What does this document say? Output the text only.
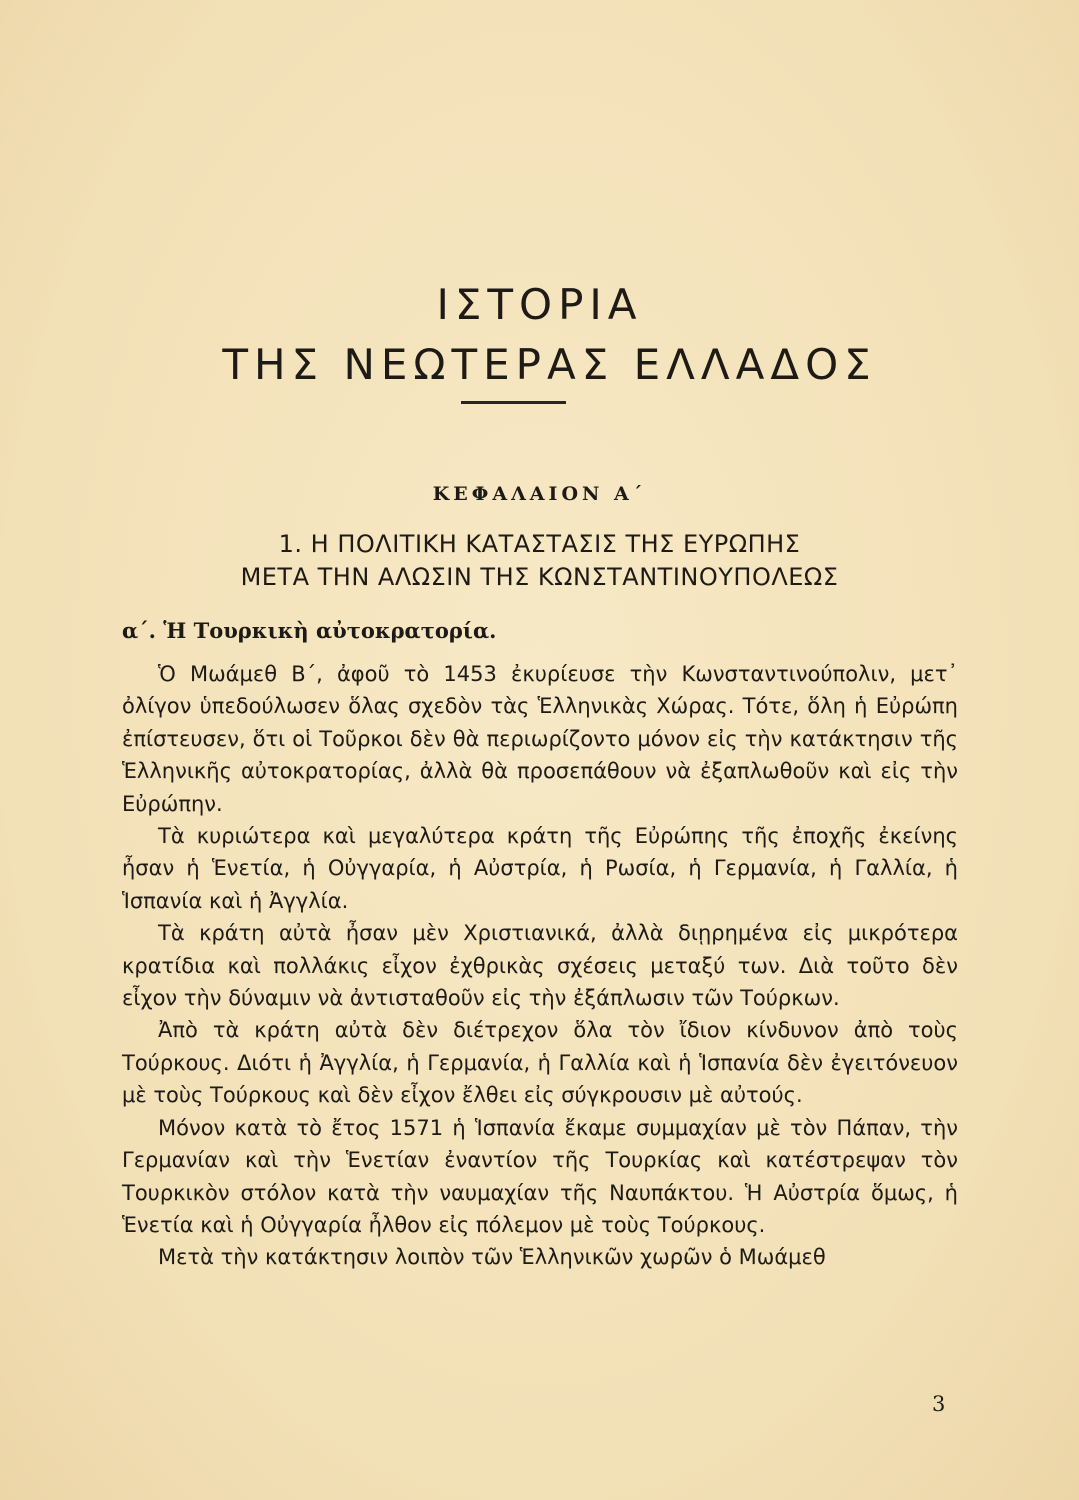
ΙΣΤΟΡΙΑ
ΤΗΣ ΝΕΩΤΕΡΑΣ ΕΛΛΑΔΟΣ
ΚΕΦΑΛΑΙΟΝ Α΄
1. Η ΠΟΛΙΤΙΚΗ ΚΑΤΑΣΤΑΣΙΣ ΤΗΣ ΕΥΡΩΠΗΣ
ΜΕΤΑ ΤΗΝ ΑΛΩΣΙΝ ΤΗΣ ΚΩΝΣΤΑΝΤΙΝΟΥΠΟΛΕΩΣ
α΄. Ἡ Τουρκικὴ αὐτοκρατορία.

Ὁ Μωάμεθ Β΄, ἀφοῦ τὸ 1453 ἐκυρίευσε τὴν Κωνσταντινούπολιν, μετ᾽ ὀλίγον ὑπεδούλωσεν ὅλας σχεδὸν τὰς Ἑλληνικὰς Χώρας. Τότε, ὅλη ἡ Εὐρώπη ἐπίστευσεν, ὅτι οἱ Τοῦρκοι δὲν θὰ περιωρίζοντο μόνον εἰς τὴν κατάκτησιν τῆς Ἑλληνικῆς αὐτοκρατορίας, ἀλλὰ θὰ προσεπάθουν νὰ ἐξαπλωθοῦν καὶ εἰς τὴν Εὐρώπην.

Τὰ κυριώτερα καὶ μεγαλύτερα κράτη τῆς Εὐρώπης τῆς ἐποχῆς ἐκείνης ἦσαν ἡ Ἑνετία, ἡ Οὐγγαρία, ἡ Αὐστρία, ἡ Ρωσία, ἡ Γερμανία, ἡ Γαλλία, ἡ Ἱσπανία καὶ ἡ Ἀγγλία.

Τὰ κράτη αὐτὰ ἦσαν μὲν Χριστιανικά, ἀλλὰ διῃρημένα εἰς μικρότερα κρατίδια καὶ πολλάκις εἶχον ἐχθρικὰς σχέσεις μεταξύ των. Διὰ τοῦτο δὲν εἶχον τὴν δύναμιν νὰ ἀντισταθοῦν εἰς τὴν ἐξάπλωσιν τῶν Τούρκων.

Ἀπὸ τὰ κράτη αὐτὰ δὲν διέτρεχον ὅλα τὸν ἴδιον κίνδυνον ἀπὸ τοὺς Τούρκους. Διότι ἡ Ἀγγλία, ἡ Γερμανία, ἡ Γαλλία καὶ ἡ Ἱσπανία δὲν ἐγειτόνευον μὲ τοὺς Τούρκους καὶ δὲν εἶχον ἔλθει εἰς σύγκρουσιν μὲ αὐτούς.

Μόνον κατὰ τὸ ἔτος 1571 ἡ Ἱσπανία ἔκαμε συμμαχίαν μὲ τὸν Πάπαν, τὴν Γερμανίαν καὶ τὴν Ἑνετίαν ἐναντίον τῆς Τουρκίας καὶ κατέστρεψαν τὸν Τουρκικὸν στόλον κατὰ τὴν ναυμαχίαν τῆς Ναυπάκτου. Ἡ Αὐστρία ὅμως, ἡ Ἑνετία καὶ ἡ Οὐγγαρία ἦλθον εἰς πόλεμον μὲ τοὺς Τούρκους.

Μετὰ τὴν κατάκτησιν λοιπὸν τῶν Ἑλληνικῶν χωρῶν ὁ Μωάμεθ

3
